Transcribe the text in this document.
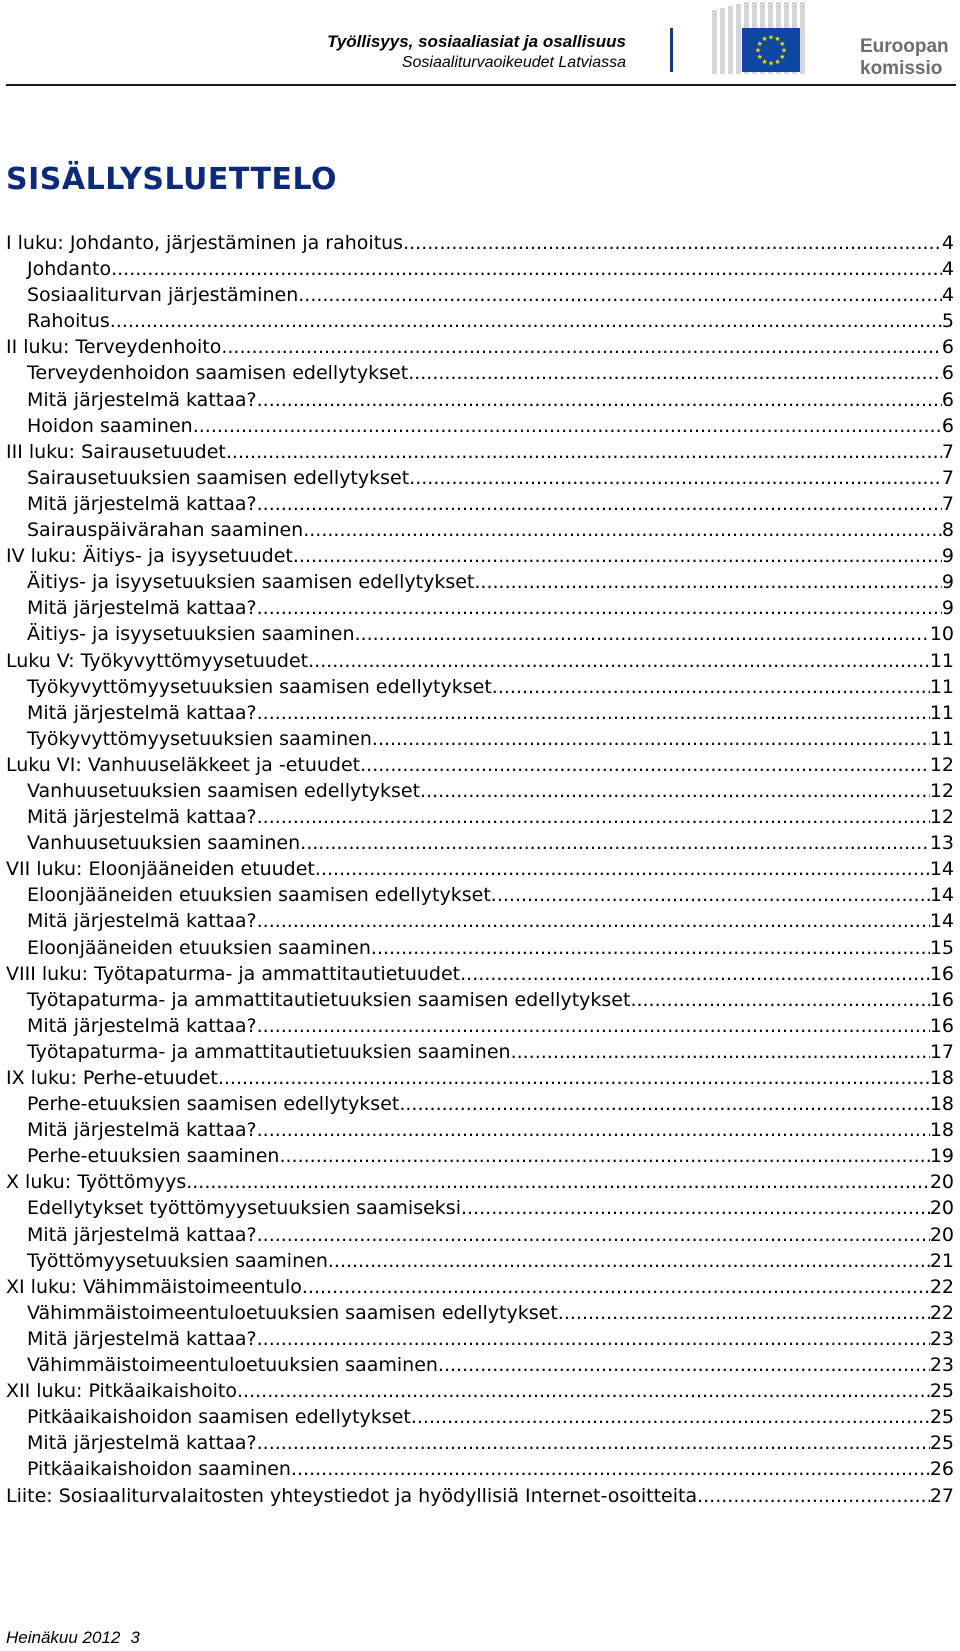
Työllisyys, sosiaaliasiat ja osallisuus
Sosiaaliturvaoikeudet Latviassa
★
★
★
★
★
★
★
★
★ ★ ★
★	Euroopan
komissio
SISÄLLYSLUETTELO
I luku: Johdanto, järjestäminen ja rahoitus .....	4
Johdanto .....	4
Sosiaaliturvan järjestäminen .....	4
Rahoitus .....	5
II luku: Terveydenhoito .....	6
Terveydenhoidon saamisen edellytykset .....	6
Mitä järjestelmä kattaa? .....	6
Hoidon saaminen .....	6
III luku: Sairausetuudet .....	7
Sairausetuuksien saamisen edellytykset .....	7
Mitä järjestelmä kattaa? .....	7
Sairauspäivärahan saaminen .....	8
IV luku: Äitiys- ja isyysetuudet .....	9
Äitiys- ja isyysetuuksien saamisen edellytykset .....	9
Mitä järjestelmä kattaa? .....	9
Äitiys- ja isyysetuuksien saaminen .....	10
Luku V: Työkyvyttömyysetuudet .....	11
Työkyvyttömyysetuuksien saamisen edellytykset .....	11
Mitä järjestelmä kattaa? .....	11
Työkyvyttömyysetuuksien saaminen .....	11
Luku VI: Vanhuuseläkkeet ja -etuudet .....	12
Vanhuusetuuksien saamisen edellytykset .....	12
Mitä järjestelmä kattaa? .....	12
Vanhuusetuuksien saaminen .....	13
VII luku: Eloonjääneiden etuudet .....	14
Eloonjääneiden etuuksien saamisen edellytykset .....	14
Mitä järjestelmä kattaa? .....	14
Eloonjääneiden etuuksien saaminen .....	15
VIII luku: Työtapaturma- ja ammattitautietuudet .....	16
Työtapaturma- ja ammattitautietuuksien saamisen edellytykset .....	16
Mitä järjestelmä kattaa? .....	16
Työtapaturma- ja ammattitautietuuksien saaminen .....	17
IX luku: Perhe-etuudet .....	18
Perhe-etuuksien saamisen edellytykset .....	18
Mitä järjestelmä kattaa? .....	18
Perhe-etuuksien saaminen .....	19
X luku: Työttömyys .....	20
Edellytykset työttömyysetuuksien saamiseksi .....	20
Mitä järjestelmä kattaa? .....	20
Työttömyysetuuksien saaminen .....	21
XI luku: Vähimmäistoimeentulo .....	22
Vähimmäistoimeentuloetuuksien saamisen edellytykset .....	22
Mitä järjestelmä kattaa? .....	23
Vähimmäistoimeentuloetuuksien saaminen .....	23
XII luku: Pitkäaikaishoito .....	25
Pitkäaikaishoidon saamisen edellytykset .....	25
Mitä järjestelmä kattaa? .....	25
Pitkäaikaishoidon saaminen .....	26
Liite: Sosiaaliturvalaitosten yhteystiedot ja hyödyllisiä Internet-osoitteita .....	27
Heinäkuu 2012 3
